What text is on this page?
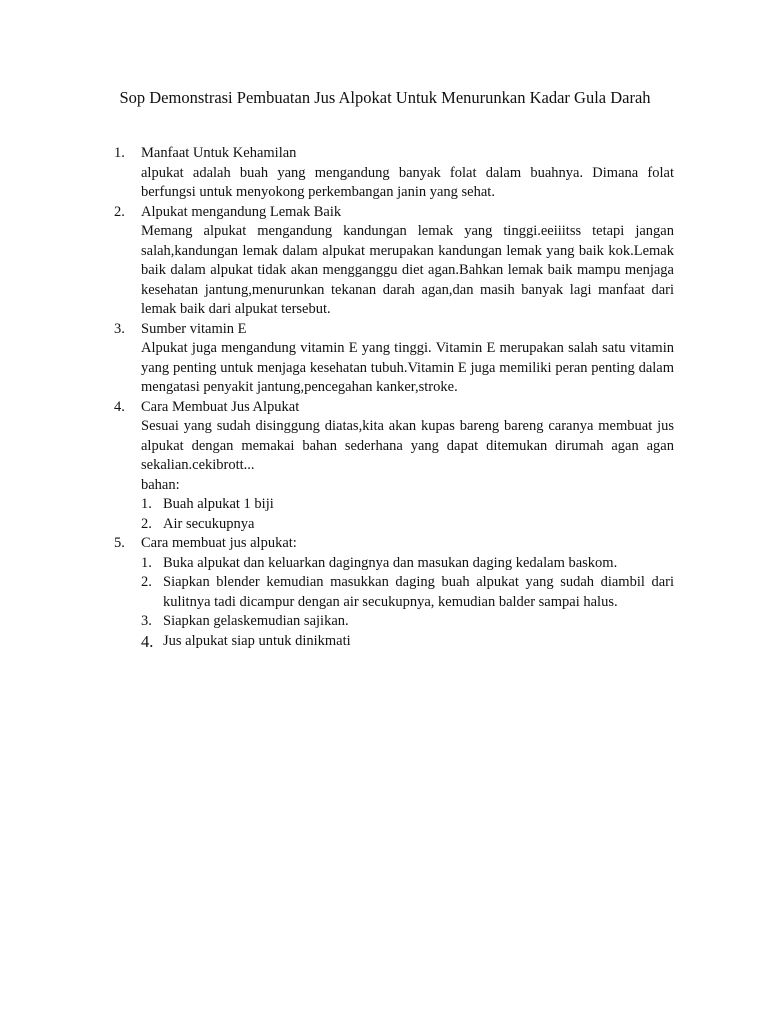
Sop Demonstrasi Pembuatan Jus Alpokat Untuk Menurunkan Kadar Gula Darah
1. Manfaat Untuk Kehamilan
alpukat adalah buah yang mengandung banyak folat dalam buahnya. Dimana folat berfungsi untuk menyokong perkembangan janin yang sehat.
2. Alpukat mengandung Lemak Baik
Memang alpukat mengandung kandungan lemak yang tinggi.eeiiitss tetapi jangan salah,kandungan lemak dalam alpukat merupakan kandungan lemak yang baik kok.Lemak baik dalam alpukat tidak akan mengganggu diet agan.Bahkan lemak baik mampu menjaga kesehatan jantung,menurunkan tekanan darah agan,dan masih banyak lagi manfaat dari lemak baik dari alpukat tersebut.
3. Sumber vitamin E
Alpukat juga mengandung vitamin E yang tinggi. Vitamin E merupakan salah satu vitamin yang penting untuk menjaga kesehatan tubuh.Vitamin E juga memiliki peran penting dalam mengatasi penyakit jantung,pencegahan kanker,stroke.
4. Cara Membuat Jus Alpukat
Sesuai yang sudah disinggung diatas,kita akan kupas bareng bareng caranya membuat jus alpukat dengan memakai bahan sederhana yang dapat ditemukan dirumah agan agan sekalian.cekibrott...
bahan:
1. Buah alpukat 1 biji
2. Air secukupnya
5. Cara membuat jus alpukat:
1. Buka alpukat dan keluarkan dagingnya dan masukan daging kedalam baskom.
2. Siapkan blender kemudian masukkan daging buah alpukat yang sudah diambil dari kulitnya tadi dicampur dengan air secukupnya, kemudian balder sampai halus.
3. Siapkan gelaskemudian sajikan.
4. Jus alpukat siap untuk dinikmati
